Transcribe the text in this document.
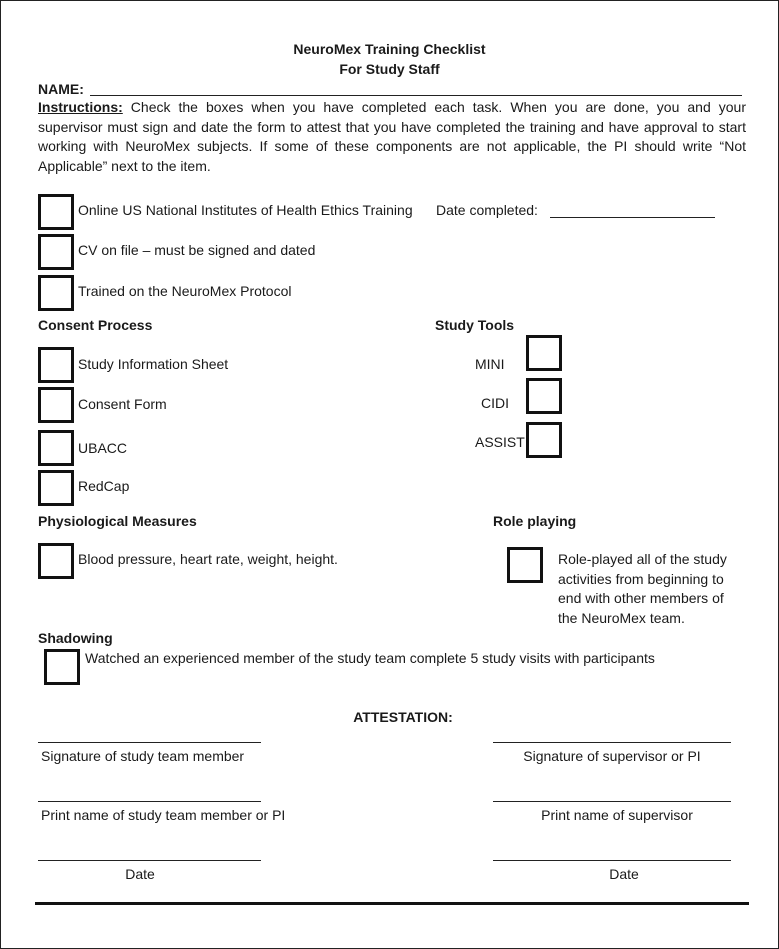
NeuroMex Training Checklist
For Study Staff
NAME:
Instructions: Check the boxes when you have completed each task. When you are done, you and your supervisor must sign and date the form to attest that you have completed the training and have approval to start working with NeuroMex subjects. If some of these components are not applicable, the PI should write “Not Applicable” next to the item.
Online US National Institutes of Health Ethics Training Date completed:
CV on file – must be signed and dated
Trained on the NeuroMex Protocol
Consent Process
Study Information Sheet
Consent Form
UBACC
RedCap
Study Tools
MINI
CIDI
ASSIST
Physiological Measures
Blood pressure, heart rate, weight, height.
Role playing
Role-played all of the study activities from beginning to end with other members of the NeuroMex team.
Shadowing
Watched an experienced member of the study team complete 5 study visits with participants
ATTESTATION:
Signature of study team member	Signature of supervisor or PI
Print name of study team member or PI	Print name of supervisor
Date	Date
